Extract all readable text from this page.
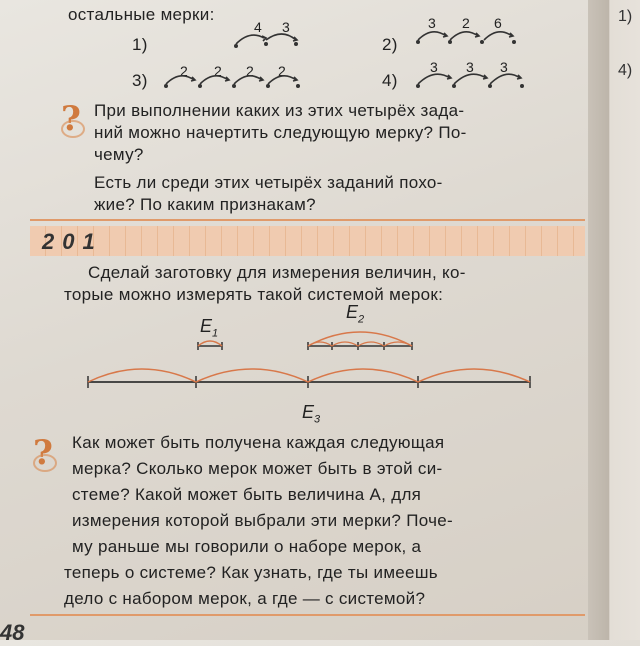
1)
4)
остальные мерки:
1)	2)
3)	4)
4 3	3 2 6
2 2 2 2	3 3 3
? При выполнении каких из этих четырёх зада-
ний можно начертить следующую мерку? По-
чему?
Есть ли среди этих четырёх заданий похо-
жие? По каким признакам?
201
Сделай заготовку для измерения величин, ко-
торые можно измерять такой системой мерок:
$E_1$
$E_2$
$E_3$
? Как может быть получена каждая следующая
мерка? Сколько мерок может быть в этой си-
стеме? Какой может быть величина A, для
измерения которой выбрали эти мерки? Поче-
му раньше мы говорили о наборе мерок, а
теперь о системе? Как узнать, где ты имеешь
дело с набором мерок, а где — с системой?
48
